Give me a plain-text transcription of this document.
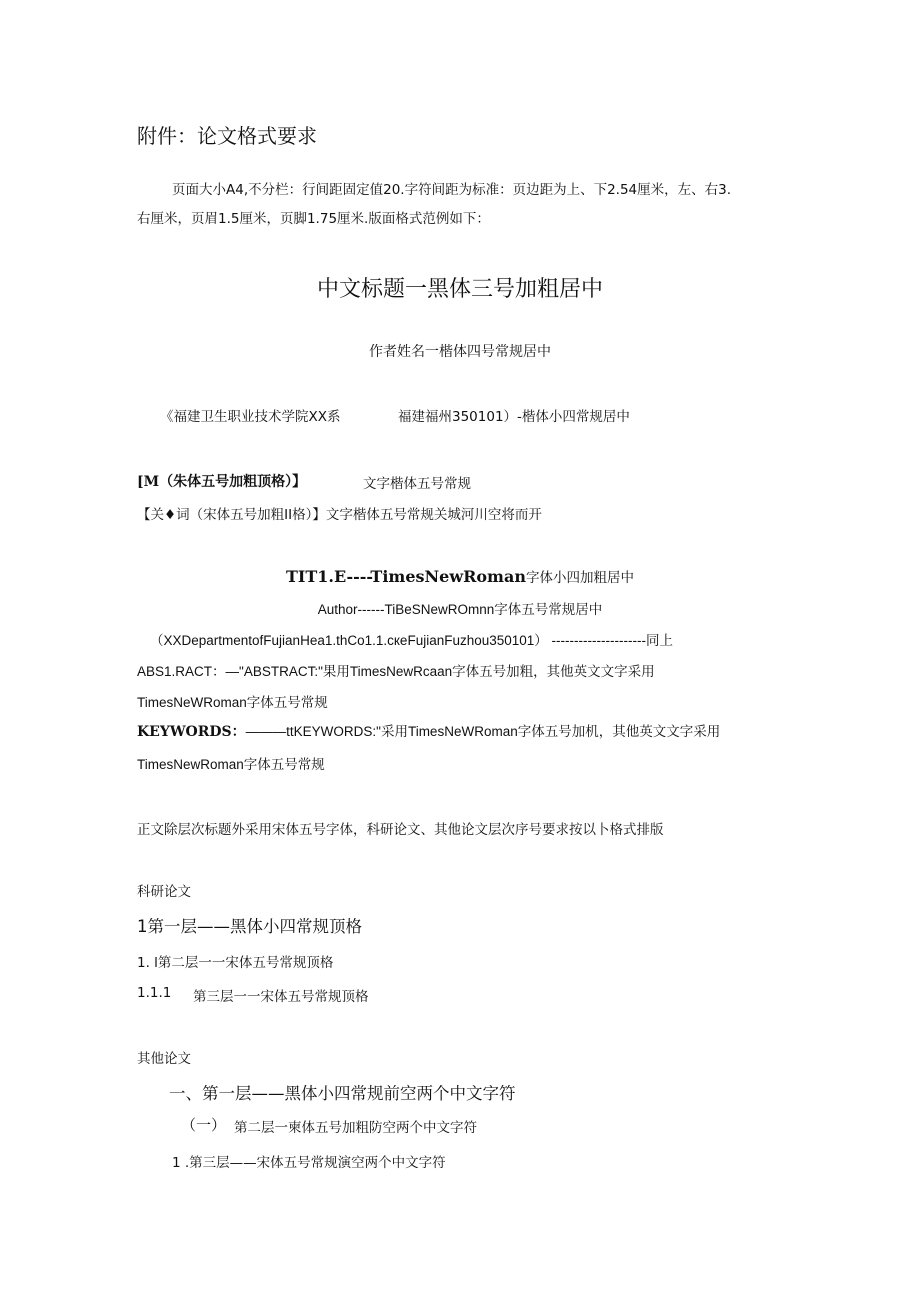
附件：论文格式要求
页面大小A4,不分栏：行间距固定值20.字符间距为标准：页边距为上、下2.54厘米，左、右3.
右厘米，页眉1.5厘米，页脚1.75厘米.版面格式范例如下：
中文标题一黑体三号加粗居中
作者姓名一楷体四号常规居中
《福建卫生职业技术学院XX系	福建福州350101）-楷体小四常规居中
[M（朱体五号加粗顶格）】	文字楷体五号常规
【关♦词（宋体五号加粗II格）】文字楷体五号常规关城河川空将而开
TIT1.E----TimesNewRoman字体小四加粗居中
Author------TiBeSNewROmnn字体五号常规居中
（XXDepartmentofFujianHea1.thCo1.1.cкеFujianFuzhou350101） ---------------------同上
ABS1.RACT：—"ABSTRACT:"果用TimesNewRcaan字体五号加粗，其他英文文字采用
TimesNeWRoman字体五号常规
KEYWORDS：———ttKEYWORDS:"采用TimesNeWRoman字体五号加机，其他英文文字采用
TimesNewRoman字体五号常规
正文除层次标题外采用宋体五号字体，科研论文、其他论文层次序号要求按以卜格式排版
科研论文
1第一层——黑体小四常规顶格
1. l第二层一一宋体五号常规顶格
1.1.1 第三层一一宋体五号常规顶格
其他论文
一、第一层——黑体小四常规前空两个中文字符
（一） 第二层一柬体五号加粗防空两个中文字符
1 .第三层——宋体五号常规演空两个中文字符
